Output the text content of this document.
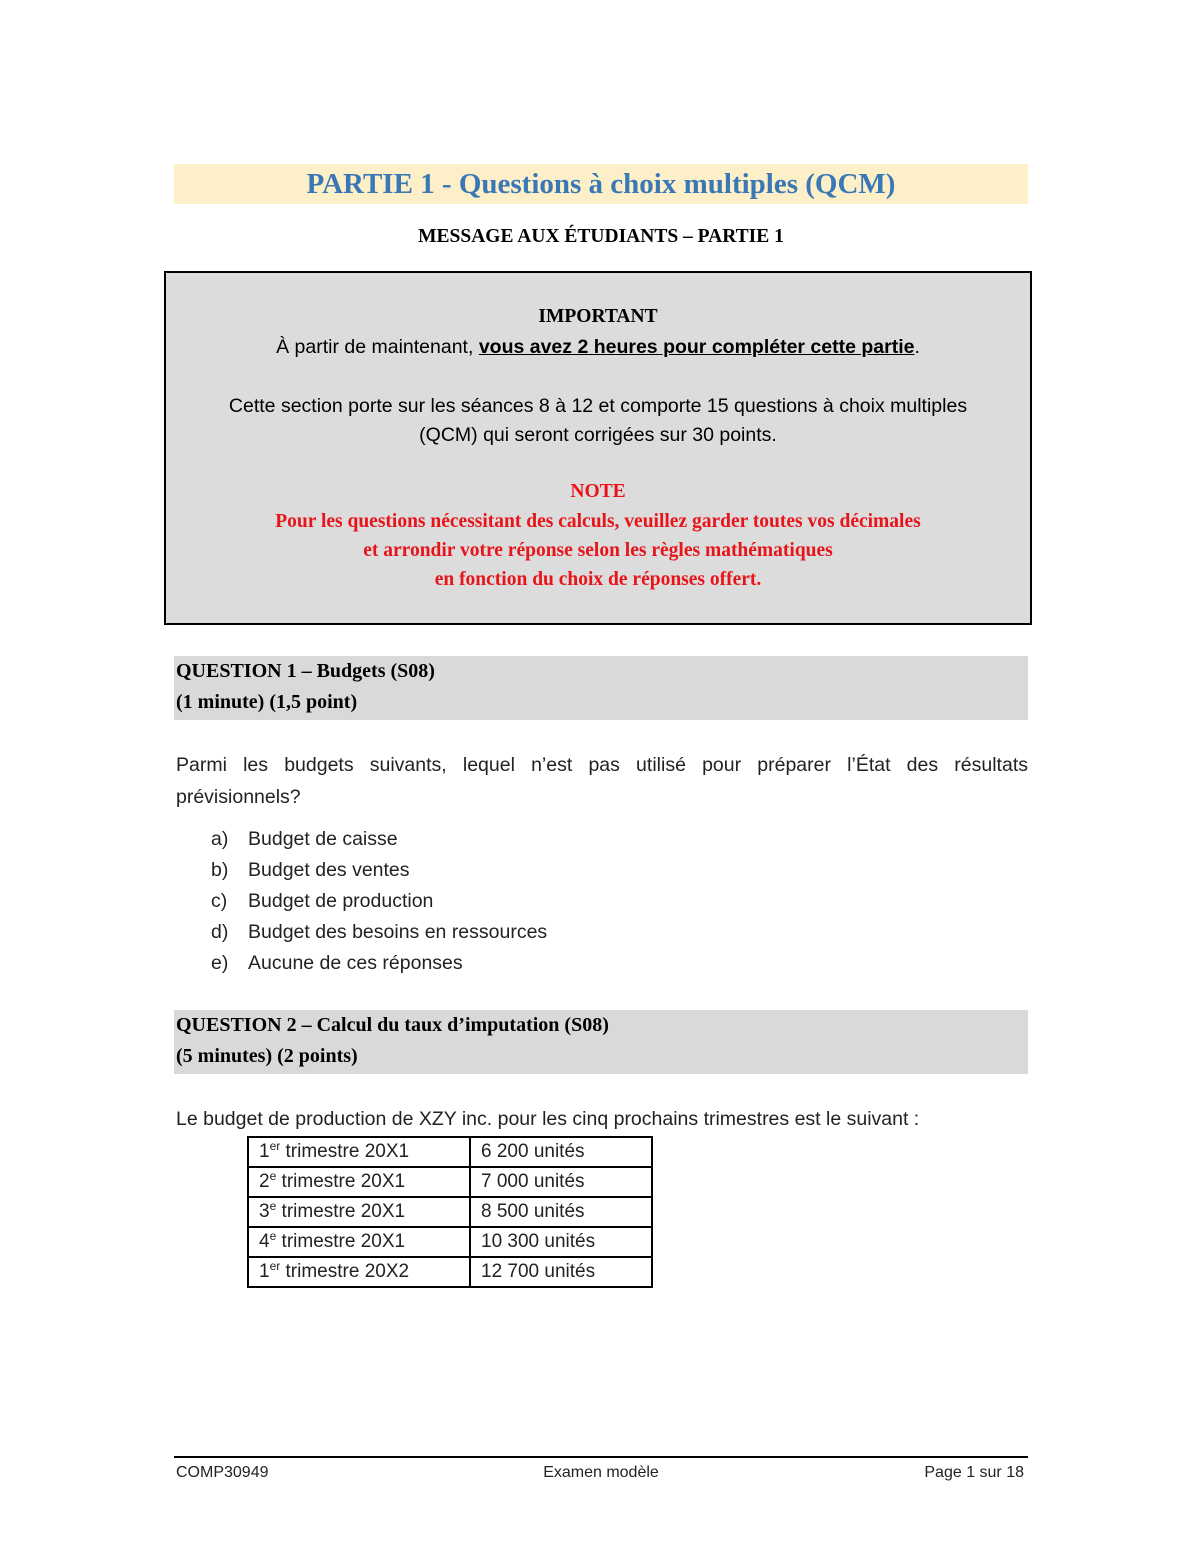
PARTIE 1 - Questions à choix multiples (QCM)
MESSAGE AUX ÉTUDIANTS – PARTIE 1
IMPORTANT
À partir de maintenant, vous avez 2 heures pour compléter cette partie.
Cette section porte sur les séances 8 à 12 et comporte 15 questions à choix multiples
(QCM) qui seront corrigées sur 30 points.
NOTE
Pour les questions nécessitant des calculs, veuillez garder toutes vos décimales
et arrondir votre réponse selon les règles mathématiques
en fonction du choix de réponses offert.
QUESTION 1 – Budgets (S08)
(1 minute) (1,5 point)
Parmi les budgets suivants, lequel n’est pas utilisé pour préparer l’État des résultats
prévisionnels?
a) Budget de caisse
b) Budget des ventes
c) Budget de production
d) Budget des besoins en ressources
e) Aucune de ces réponses
QUESTION 2 – Calcul du taux d’imputation (S08)
(5 minutes) (2 points)
Le budget de production de XZY inc. pour les cinq prochains trimestres est le suivant :
1er trimestre 20X1	6 200 unités
2e trimestre 20X1	7 000 unités
3e trimestre 20X1	8 500 unités
4e trimestre 20X1	10 300 unités
1er trimestre 20X2	12 700 unités
COMP30949	Examen modèle	Page 1 sur 18
